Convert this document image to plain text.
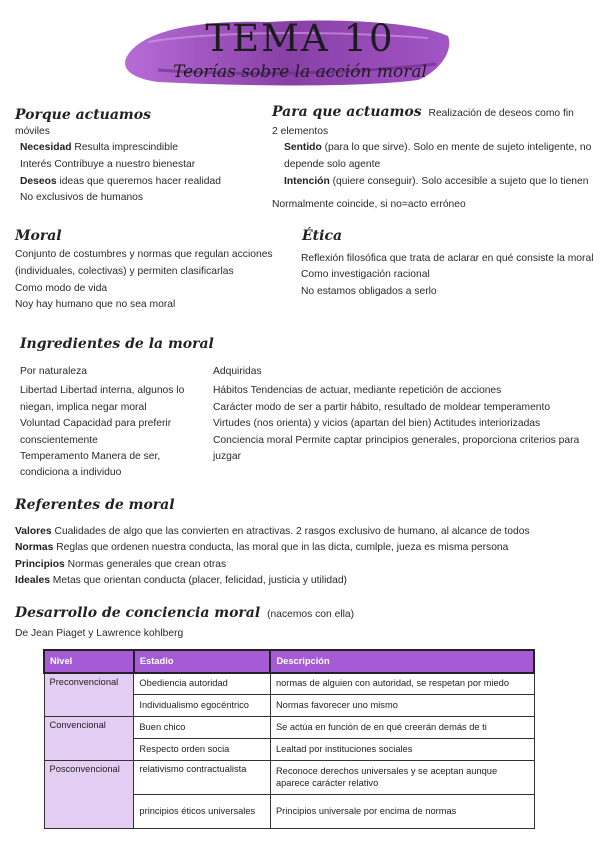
TEMA 10
Teorías sobre la acción moral
Porque actuamos
móviles
Necesidad Resulta imprescindible
Interés Contribuye a nuestro bienestar
Deseos ideas que queremos hacer realidad
No exclusivos de humanos
Para que actuamos Realización de deseos como fin
2 elementos
Sentido (para lo que sirve). Solo en mente de sujeto inteligente, no
depende solo agente
Intención (quiere conseguir). Solo accesible a sujeto que lo tienen
Normalmente coincide, si no=acto erróneo
Moral
Conjunto de costumbres y normas que regulan acciones
(individuales, colectivas) y permiten clasificarlas
Como modo de vida
Noy hay humano que no sea moral
Ética
Reflexión filosófica que trata de aclarar en qué consiste la moral
Como investigación racional
No estamos obligados a serlo
Ingredientes de la moral
Por naturaleza
Libertad Libertad interna, algunos lo
niegan, implica negar moral
Voluntad Capacidad para preferir
conscientemente
Temperamento Manera de ser,
condiciona a individuo
Adquiridas
Hábitos Tendencias de actuar, mediante repetición de acciones
Carácter modo de ser a partir hábito, resultado de moldear temperamento
Virtudes (nos orienta) y vicios (apartan del bien) Actitudes interiorizadas
Conciencia moral Permite captar principios generales, proporciona criterios para
juzgar
Referentes de moral
Valores Cualidades de algo que las convierten en atractivas. 2 rasgos exclusivo de humano, al alcance de todos
Normas Reglas que ordenen nuestra conducta, las moral que in las dicta, cumlple, jueza es misma persona
Principios Normas generales que crean otras
Ideales Metas que orientan conducta (placer, felicidad, justicia y utilidad)
Desarrollo de conciencia moral (nacemos con ella)
De Jean Piaget y Lawrence kohlberg
Nivel	Estadio	Descripción
Preconvencional	Obediencia autoridad	normas de alguien con autoridad, se respetan por miedo
	Individualismo egocéntrico	Normas favorecer uno mismo
Convencional	Buen chico	Se actúa en función de en qué creerán demás de ti
	Respecto orden socia	Lealtad por instituciones sociales
Posconvencional	relativismo contractualista	Reconoce derechos universales y se aceptan aunque aparece carácter relativo
	principios éticos universales	Principios universale por encima de normas
